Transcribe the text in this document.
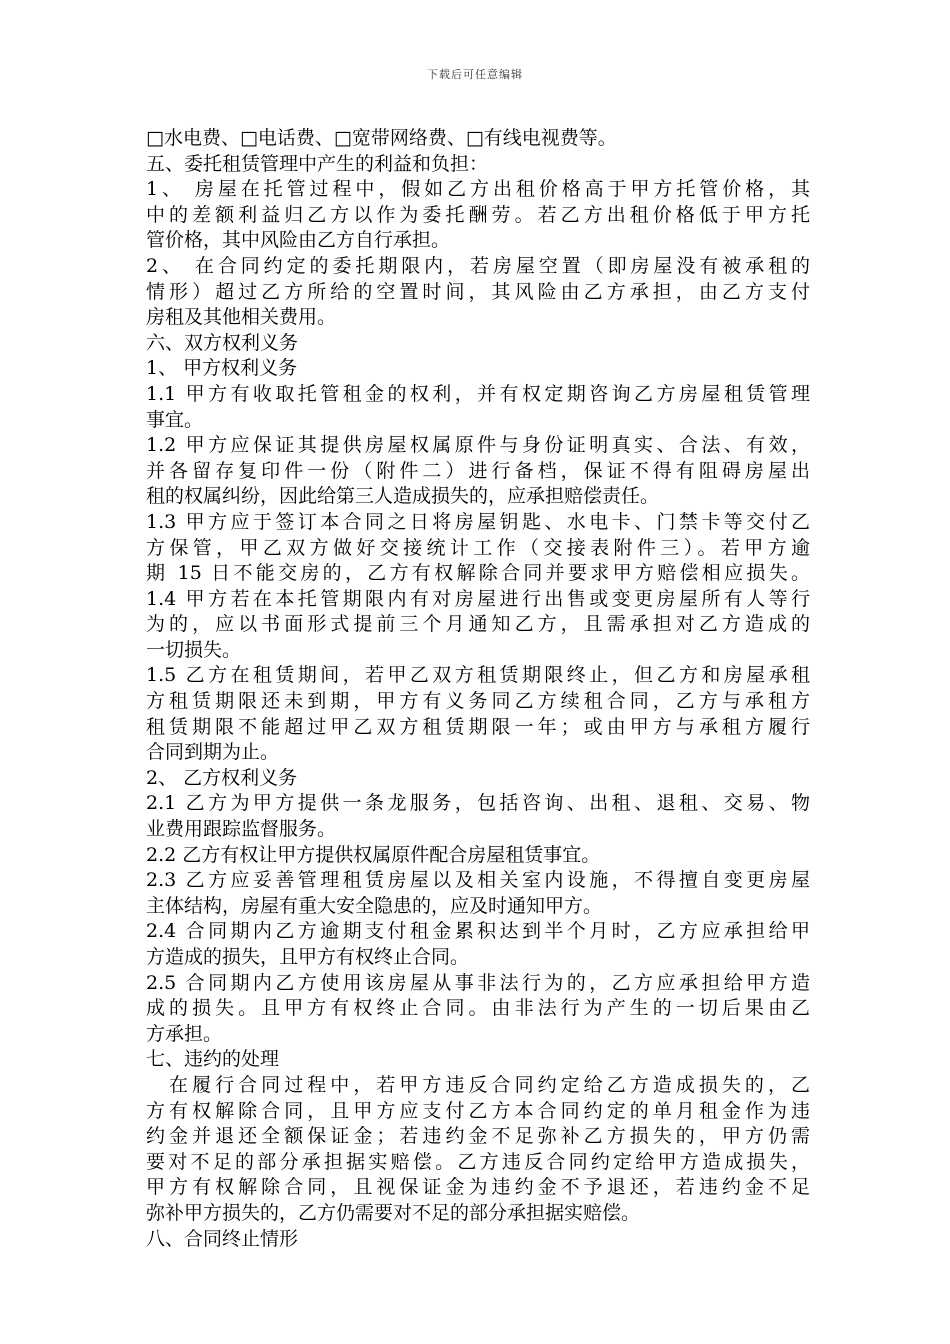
下载后可任意编辑
□水电费、□电话费、□宽带网络费、□有线电视费等。
五、委托租赁管理中产生的利益和负担：
1、 房屋在托管过程中，假如乙方出租价格高于甲方托管价格，其
中的差额利益归乙方以作为委托酬劳。若乙方出租价格低于甲方托
管价格，其中风险由乙方自行承担。
2、 在合同约定的委托期限内，若房屋空置（即房屋没有被承租的
情形）超过乙方所给的空置时间，其风险由乙方承担，由乙方支付
房租及其他相关费用。
六、双方权利义务
1、 甲方权利义务
1.1 甲方有收取托管租金的权利，并有权定期咨询乙方房屋租赁管理
事宜。
1.2 甲方应保证其提供房屋权属原件与身份证明真实、合法、有效，
并各留存复印件一份（附件二）进行备档，保证不得有阻碍房屋出
租的权属纠纷，因此给第三人造成损失的，应承担赔偿责任。
1.3 甲方应于签订本合同之日将房屋钥匙、水电卡、门禁卡等交付乙
方保管，甲乙双方做好交接统计工作（交接表附件三）。若甲方逾
期 15 日不能交房的，乙方有权解除合同并要求甲方赔偿相应损失。
1.4 甲方若在本托管期限内有对房屋进行出售或变更房屋所有人等行
为的，应以书面形式提前三个月通知乙方，且需承担对乙方造成的
一切损失。
1.5 乙方在租赁期间，若甲乙双方租赁期限终止，但乙方和房屋承租
方租赁期限还未到期，甲方有义务同乙方续租合同，乙方与承租方
租赁期限不能超过甲乙双方租赁期限一年；或由甲方与承租方履行
合同到期为止。
2、 乙方权利义务
2.1 乙方为甲方提供一条龙服务，包括咨询、出租、退租、交易、物
业费用跟踪监督服务。
2.2 乙方有权让甲方提供权属原件配合房屋租赁事宜。
2.3 乙方应妥善管理租赁房屋以及相关室内设施，不得擅自变更房屋
主体结构，房屋有重大安全隐患的，应及时通知甲方。
2.4 合同期内乙方逾期支付租金累积达到半个月时，乙方应承担给甲
方造成的损失，且甲方有权终止合同。
2.5 合同期内乙方使用该房屋从事非法行为的，乙方应承担给甲方造
成的损失。且甲方有权终止合同。由非法行为产生的一切后果由乙
方承担。
七、违约的处理
　在履行合同过程中，若甲方违反合同约定给乙方造成损失的，乙
方有权解除合同，且甲方应支付乙方本合同约定的单月租金作为违
约金并退还全额保证金；若违约金不足弥补乙方损失的，甲方仍需
要对不足的部分承担据实赔偿。乙方违反合同约定给甲方造成损失，
甲方有权解除合同，且视保证金为违约金不予退还，若违约金不足
弥补甲方损失的，乙方仍需要对不足的部分承担据实赔偿。
八、合同终止情形
